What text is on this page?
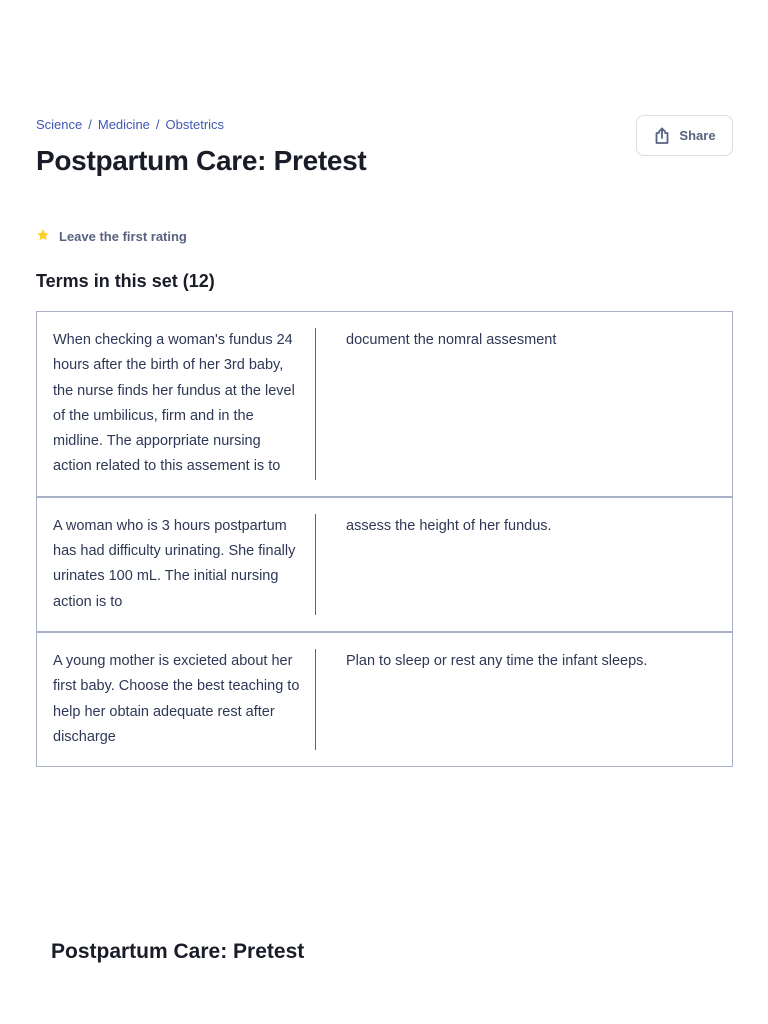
Science / Medicine / Obstetrics
Postpartum Care: Pretest
Share
Leave the first rating
Terms in this set (12)
When checking a woman's fundus 24 hours after the birth of her 3rd baby, the nurse finds her fundus at the level of the umbilicus, firm and in the midline. The apporpriate nursing action related to this assement is to
document the nomral assesment
A woman who is 3 hours postpartum has had difficulty urinating. She finally urinates 100 mL. The initial nursing action is to
assess the height of her fundus.
A young mother is excieted about her first baby. Choose the best teaching to help her obtain adequate rest after discharge
Plan to sleep or rest any time the infant sleeps.
Postpartum Care: Pretest
